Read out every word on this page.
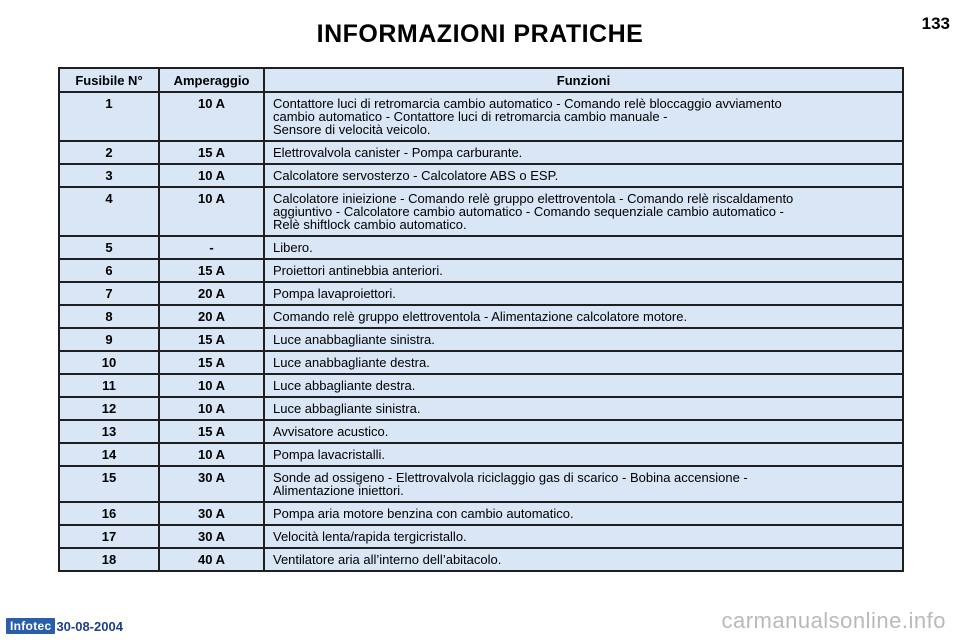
INFORMAZIONI PRATICHE	133
Fusibile N°	Amperaggio	Funzioni
1	10 A	Contattore luci di retromarcia cambio automatico - Comando relè bloccaggio avviamento
cambio automatico - Contattore luci di retromarcia cambio manuale -
Sensore di velocità veicolo.

2	15 A	Elettrovalvola canister - Pompa carburante.

3	10 A	Calcolatore servosterzo - Calcolatore ABS o ESP.

4	10 A	Calcolatore inieizione - Comando relè gruppo elettroventola - Comando relè riscaldamento
aggiuntivo - Calcolatore cambio automatico - Comando sequenziale cambio automatico -
Relè shiftlock cambio automatico.

5	-	Libero.

6	15 A	Proiettori antinebbia anteriori.

7	20 A	Pompa lavaproiettori.

8	20 A	Comando relè gruppo elettroventola - Alimentazione calcolatore motore.

9	15 A	Luce anabbagliante sinistra.

10	15 A	Luce anabbagliante destra.

11	10 A	Luce abbagliante destra.

12	10 A	Luce abbagliante sinistra.

13	15 A	Avvisatore acustico.

14	10 A	Pompa lavacristalli.

15	30 A	Sonde ad ossigeno - Elettrovalvola riciclaggio gas di scarico - Bobina accensione -
Alimentazione iniettori.

16	30 A	Pompa aria motore benzina con cambio automatico.

17	30 A	Velocità lenta/rapida tergicristallo.

18	40 A	Ventilatore aria all’interno dell’abitacolo.
Infotec 30-08-2004	carmanualsonline.info
